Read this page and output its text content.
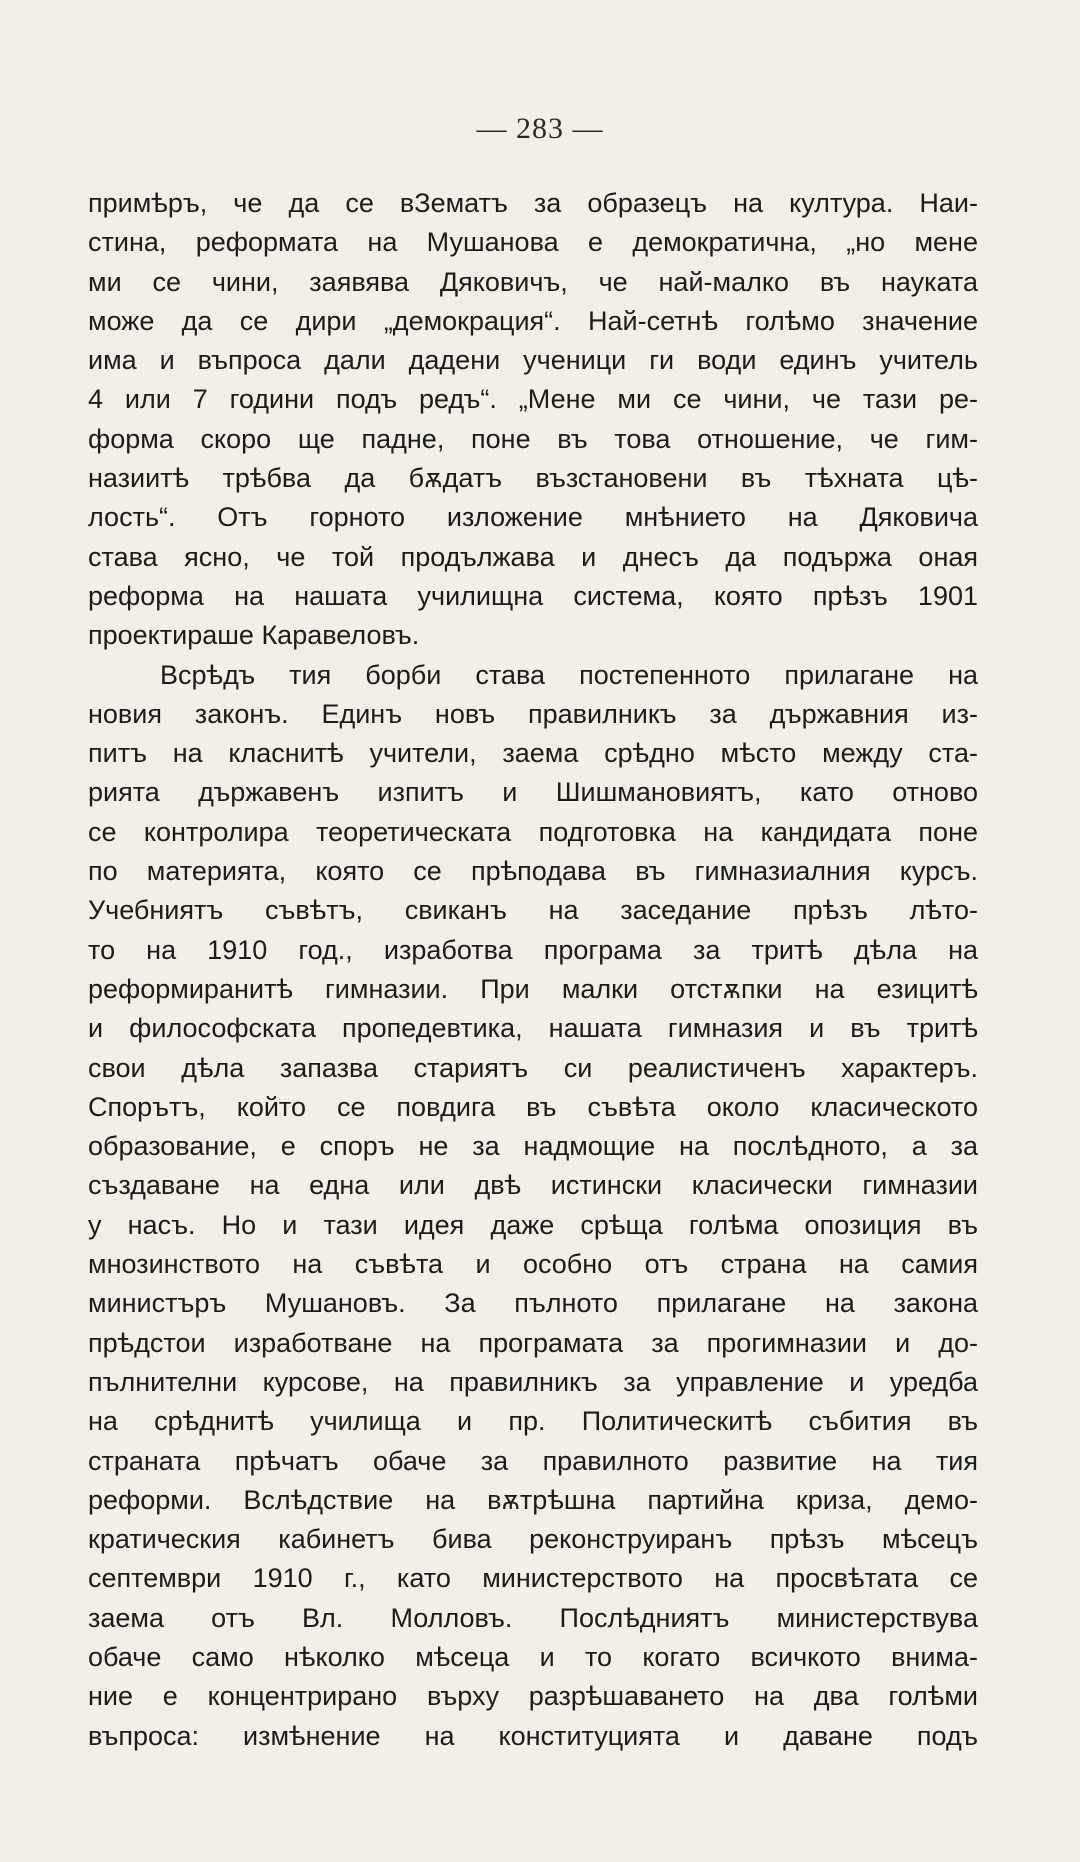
— 283 —
примѣръ, че да се вЗематъ за образецъ на култура. Наи-
стина, реформата на Мушанова е демократична, „но мене
ми се чини, заявява Дяковичъ, че най-малко въ науката
може да се дири „демокрация“. Най-сетнѣ голѣмо значение
има и въпроса дали дадени ученици ги води единъ учитель
4 или 7 години подъ редъ“. „Мене ми се чини, че тази ре-
форма скоро ще падне, поне въ това отношение, че гим-
назиитѣ трѣбва да бѫдатъ възстановени въ тѣхната цѣ-
лость“. Отъ горното изложение мнѣнието на Дяковича
става ясно, че той продължава и днесъ да подържа оная
реформа на нашата училищна система, която прѣзъ 1901
проектираше Каравеловъ.
Всрѣдъ тия борби става постепенното прилагане на
новия законъ. Единъ новъ правилникъ за държавния из-
питъ на класнитѣ учители, заема срѣдно мѣсто между ста-
рията държавенъ изпитъ и Шишмановиятъ, като отново
се контролира теоретическата подготовка на кандидата поне
по материята, която се прѣподава въ гимназиалния курсъ.
Учебниятъ съвѣтъ, свиканъ на заседание прѣзъ лѣто-
то на 1910 год., изработва програма за тритѣ дѣла на
реформиранитѣ гимназии. При малки отстѫпки на езицитѣ
и философската пропедевтика, нашата гимназия и въ тритѣ
свои дѣла запазва стариятъ си реалистиченъ характеръ.
Спорътъ, който се повдига въ съвѣта около класическото
образование, е споръ не за надмощие на послѣдното, а за
създаване на една или двѣ истински класически гимназии
у насъ. Но и тази идея даже срѣща голѣма опозиция въ
мнозинството на съвѣта и особно отъ страна на самия
министъръ Мушановъ. За пълното прилагане на закона
прѣдстои изработване на програмата за прогимназии и до-
пълнителни курсове, на правилникъ за управление и уредба
на срѣднитѣ училища и пр. Политическитѣ събития въ
страната прѣчатъ обаче за правилното развитие на тия
реформи. Вслѣдствие на вѫтрѣшна партийна криза, демо-
кратическия кабинетъ бива реконструиранъ прѣзъ мѣсецъ
септември 1910 г., като министерството на просвѣтата се
заема отъ Вл. Молловъ. Послѣдниятъ министерствува
обаче само нѣколко мѣсеца и то когато всичкото внима-
ние е концентрирано върху разрѣшаването на два голѣми
въпроса: измѣнение на конституцията и даване подъ
